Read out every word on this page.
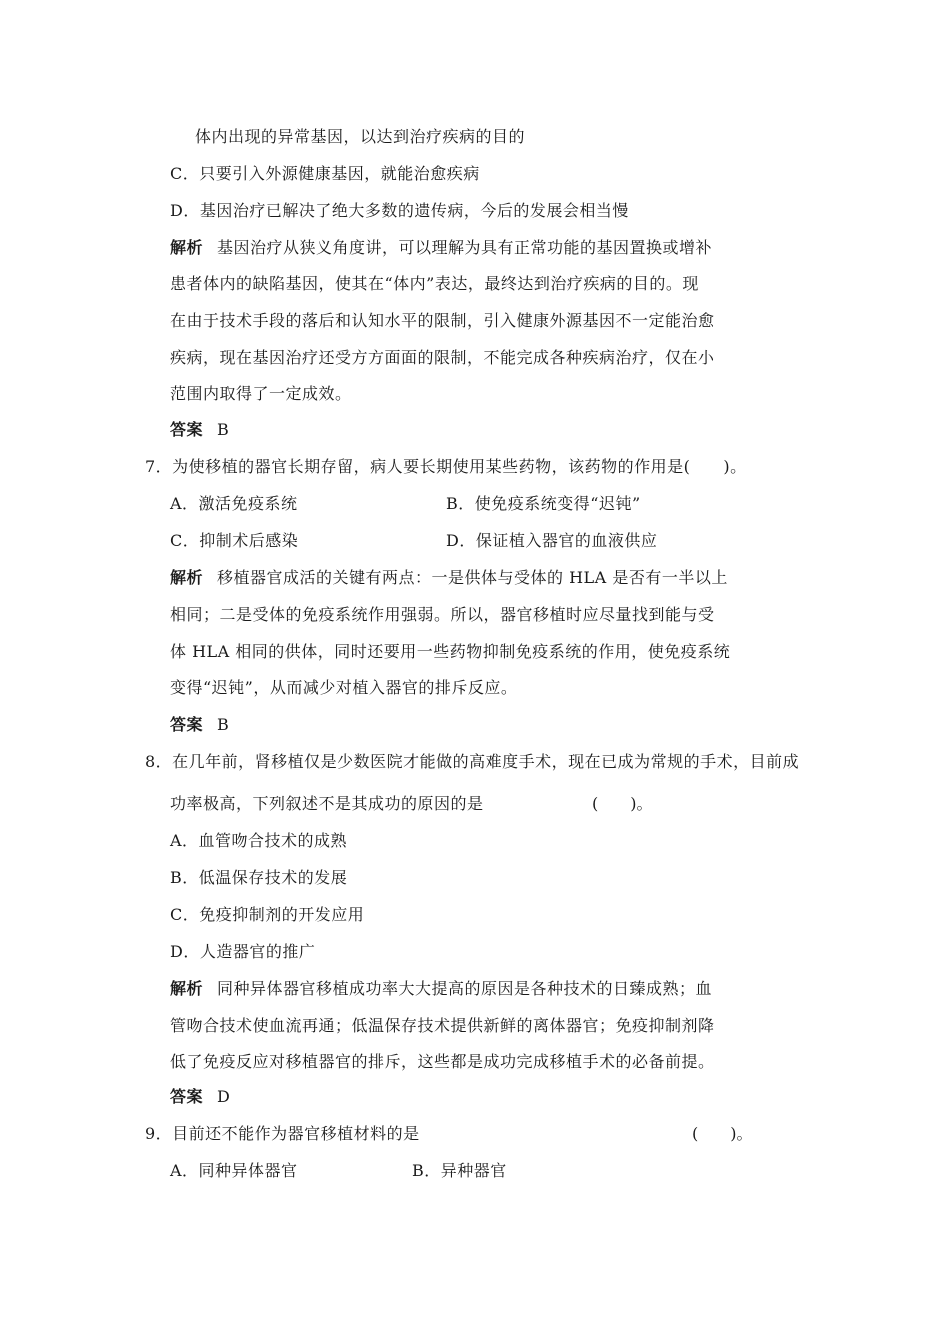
体内出现的异常基因，以达到治疗疾病的目的
C．只要引入外源健康基因，就能治愈疾病
D．基因治疗已解决了绝大多数的遗传病，今后的发展会相当慢
解析 基因治疗从狭义角度讲，可以理解为具有正常功能的基因置换或增补
患者体内的缺陷基因，使其在“体内”表达，最终达到治疗疾病的目的。现
在由于技术手段的落后和认知水平的限制，引入健康外源基因不一定能治愈
疾病，现在基因治疗还受方方面面的限制，不能完成各种疾病治疗，仅在小
范围内取得了一定成效。
答案 B
7．为使移植的器官长期存留，病人要长期使用某些药物，该药物的作用是(　　)。
A．激活免疫系统	B．使免疫系统变得“迟钝”
C．抑制术后感染	D．保证植入器官的血液供应
解析 移植器官成活的关键有两点：一是供体与受体的 HLA 是否有一半以上
相同；二是受体的免疫系统作用强弱。所以，器官移植时应尽量找到能与受
体 HLA 相同的供体，同时还要用一些药物抑制免疫系统的作用，使免疫系统
变得“迟钝”，从而减少对植入器官的排斥反应。
答案 B
8．在几年前，肾移植仅是少数医院才能做的高难度手术，现在已成为常规的手术，目前成
功率极高，下列叙述不是其成功的原因的是	(　　)。
A．血管吻合技术的成熟
B．低温保存技术的发展
C．免疫抑制剂的开发应用
D．人造器官的推广
解析 同种异体器官移植成功率大大提高的原因是各种技术的日臻成熟；血
管吻合技术使血流再通；低温保存技术提供新鲜的离体器官；免疫抑制剂降
低了免疫反应对移植器官的排斥，这些都是成功完成移植手术的必备前提。
答案 D
9．目前还不能作为器官移植材料的是	(　　)。
A．同种异体器官	B．异种器官
